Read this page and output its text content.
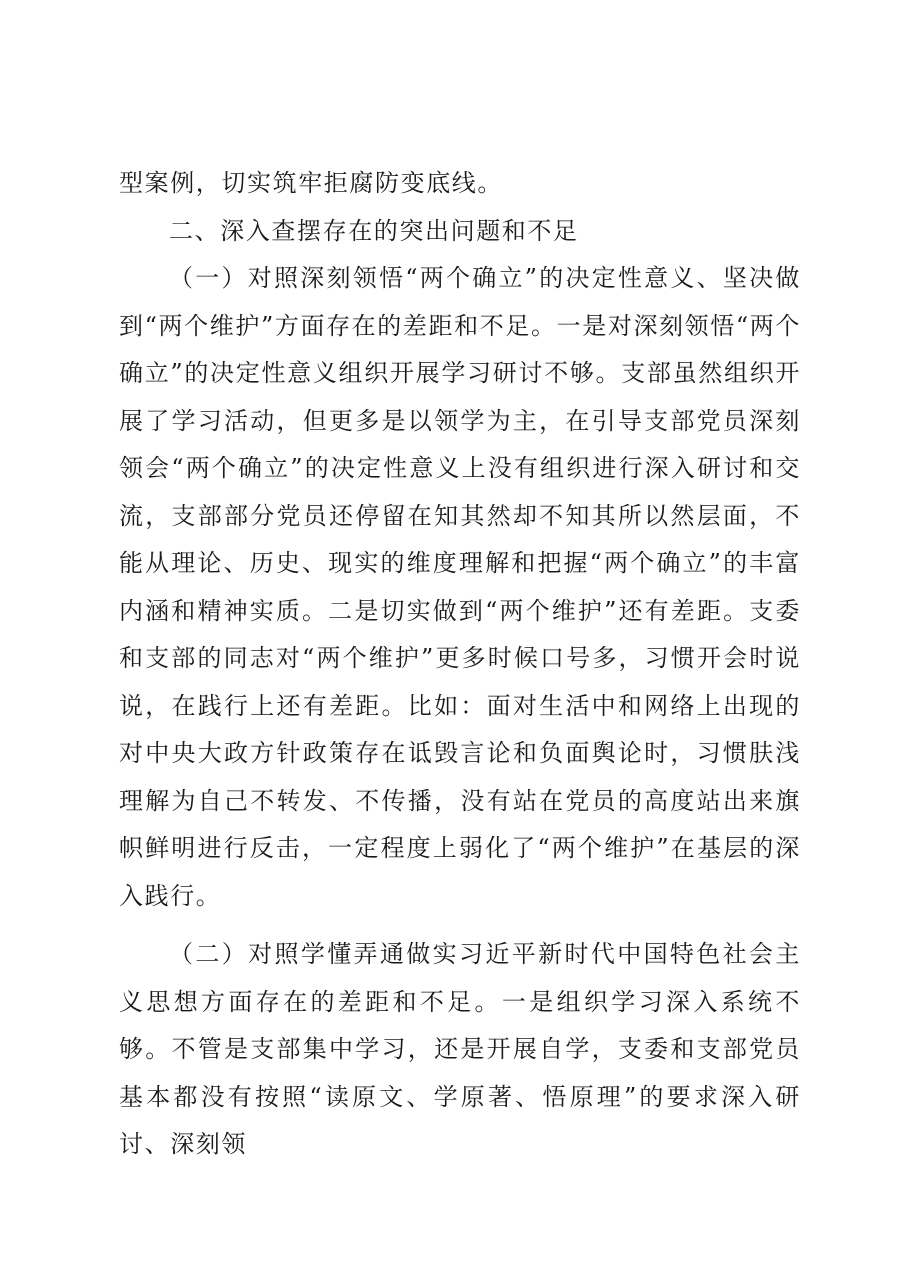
型案例，切实筑牢拒腐防变底线。

二、深入查摆存在的突出问题和不足

（一）对照深刻领悟“两个确立”的决定性意义、坚决做到“两个维护”方面存在的差距和不足。一是对深刻领悟“两个确立”的决定性意义组织开展学习研讨不够。支部虽然组织开展了学习活动，但更多是以领学为主，在引导支部党员深刻领会“两个确立”的决定性意义上没有组织进行深入研讨和交流，支部部分党员还停留在知其然却不知其所以然层面，不能从理论、历史、现实的维度理解和把握“两个确立”的丰富内涵和精神实质。二是切实做到“两个维护”还有差距。支委和支部的同志对“两个维护”更多时候口号多，习惯开会时说说，在践行上还有差距。比如：面对生活中和网络上出现的对中央大政方针政策存在诋毁言论和负面舆论时，习惯肤浅理解为自己不转发、不传播，没有站在党员的高度站出来旗帜鲜明进行反击，一定程度上弱化了“两个维护”在基层的深入践行。

（二）对照学懂弄通做实习近平新时代中国特色社会主义思想方面存在的差距和不足。一是组织学习深入系统不够。不管是支部集中学习，还是开展自学，支委和支部党员基本都没有按照“读原文、学原著、悟原理”的要求深入研讨、深刻领
